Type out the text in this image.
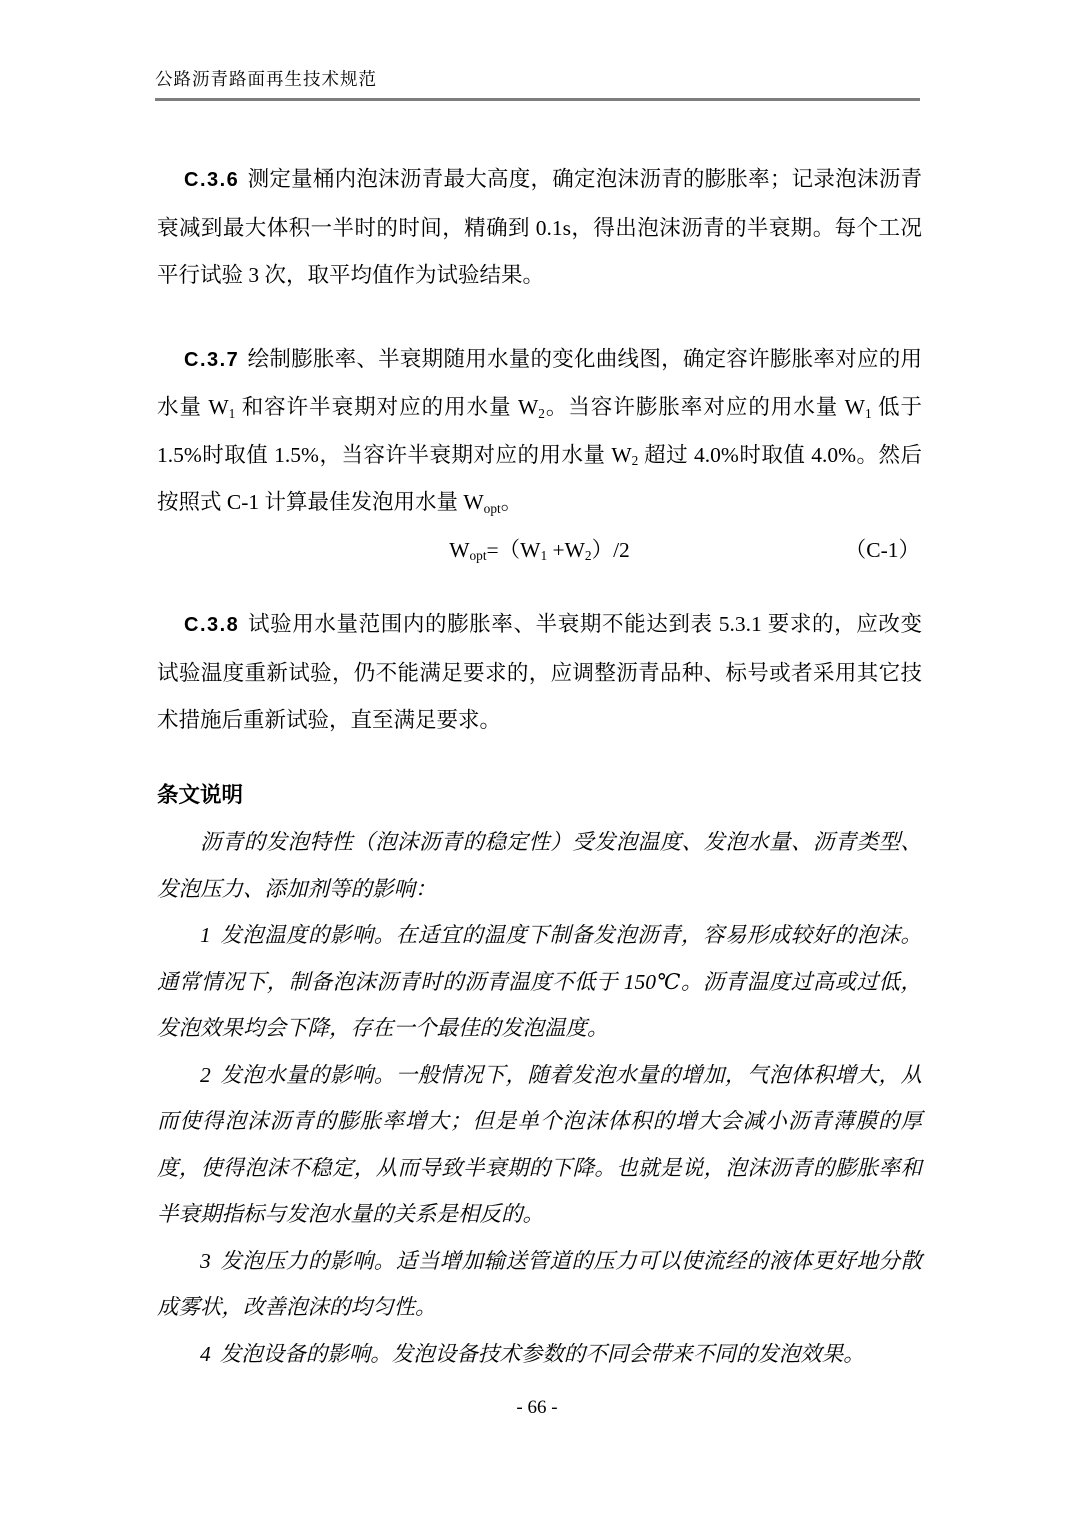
公路沥青路面再生技术规范

C.3.6 测定量桶内泡沫沥青最大高度，确定泡沫沥青的膨胀率；记录泡沫沥青衰减到最大体积一半时的时间，精确到 0.1s，得出泡沫沥青的半衰期。每个工况平行试验 3 次，取平均值作为试验结果。

C.3.7 绘制膨胀率、半衰期随用水量的变化曲线图，确定容许膨胀率对应的用水量 $W_1$ 和容许半衰期对应的用水量 $W_2$。当容许膨胀率对应的用水量 $W_1$ 低于 1.5%时取值 1.5%，当容许半衰期对应的用水量 $W_2$ 超过 4.0%时取值 4.0%。然后按照式 C-1 计算最佳发泡用水量 $W_{opt}$。

$W_{opt}=(W_1 +W_2)/2$	（C-1）

C.3.8 试验用水量范围内的膨胀率、半衰期不能达到表 5.3.1 要求的，应改变试验温度重新试验，仍不能满足要求的，应调整沥青品种、标号或者采用其它技术措施后重新试验，直至满足要求。

条文说明

沥青的发泡特性（泡沫沥青的稳定性）受发泡温度、发泡水量、沥青类型、发泡压力、添加剂等的影响：

1 发泡温度的影响。在适宜的温度下制备发泡沥青，容易形成较好的泡沫。通常情况下，制备泡沫沥青时的沥青温度不低于 150℃。沥青温度过高或过低，发泡效果均会下降，存在一个最佳的发泡温度。

2 发泡水量的影响。一般情况下，随着发泡水量的增加，气泡体积增大，从而使得泡沫沥青的膨胀率增大；但是单个泡沫体积的增大会减小沥青薄膜的厚度，使得泡沫不稳定，从而导致半衰期的下降。也就是说，泡沫沥青的膨胀率和半衰期指标与发泡水量的关系是相反的。

3 发泡压力的影响。适当增加输送管道的压力可以使流经的液体更好地分散成雾状，改善泡沫的均匀性。

4 发泡设备的影响。发泡设备技术参数的不同会带来不同的发泡效果。

- 66 -
